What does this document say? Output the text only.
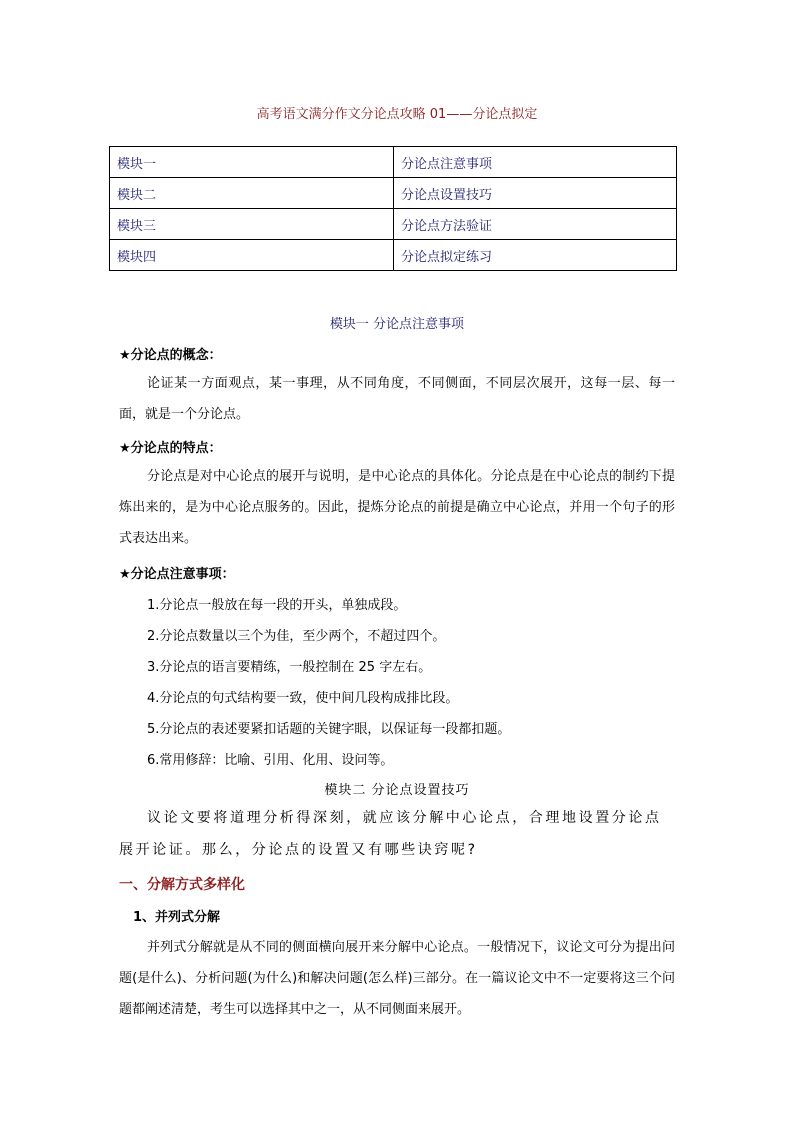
高考语文满分作文分论点攻略 01——分论点拟定
模块一	分论点注意事项
模块二	分论点设置技巧
模块三	分论点方法验证
模块四	分论点拟定练习
模块一 分论点注意事项
★分论点的概念：
论证某一方面观点，某一事理，从不同角度，不同侧面，不同层次展开，这每一层、每一面，就是一个分论点。
★分论点的特点：
分论点是对中心论点的展开与说明，是中心论点的具体化。分论点是在中心论点的制约下提炼出来的，是为中心论点服务的。因此，提炼分论点的前提是确立中心论点，并用一个句子的形式表达出来。
★分论点注意事项：
1.分论点一般放在每一段的开头，单独成段。
2.分论点数量以三个为佳，至少两个，不超过四个。
3.分论点的语言要精练，一般控制在 25 字左右。
4.分论点的句式结构要一致，使中间几段构成排比段。
5.分论点的表述要紧扣话题的关键字眼，以保证每一段都扣题。
6.常用修辞：比喻、引用、化用、设问等。
模块二 分论点设置技巧
议论文要将道理分析得深刻，就应该分解中心论点，合理地设置分论点展开论证。那么，分论点的设置又有哪些诀窍呢?
一、分解方式多样化
1、并列式分解
并列式分解就是从不同的侧面横向展开来分解中心论点。一般情况下，议论文可分为提出问题(是什么)、分析问题(为什么)和解决问题(怎么样)三部分。在一篇议论文中不一定要将这三个问题都阐述清楚，考生可以选择其中之一，从不同侧面来展开。
